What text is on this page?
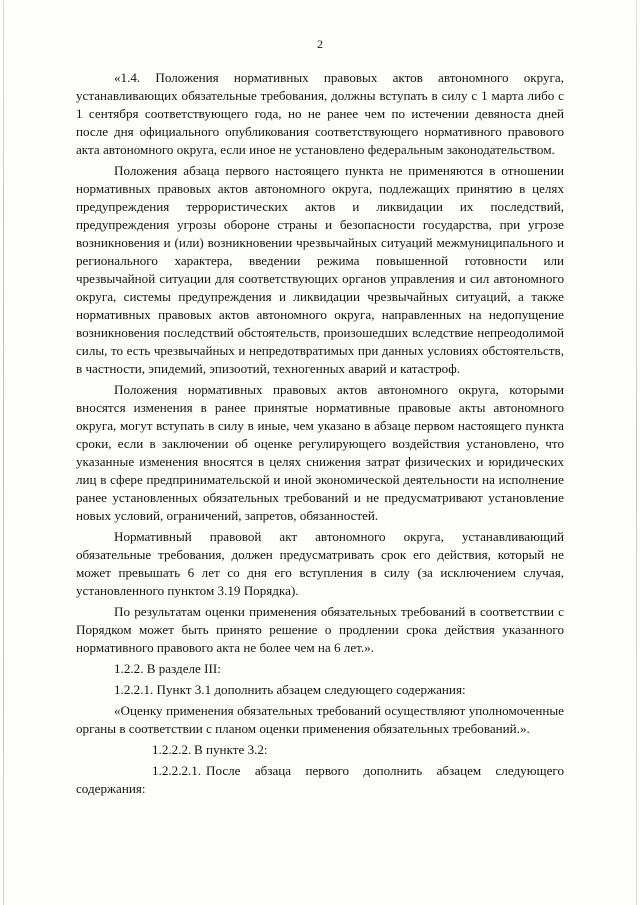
2

«1.4. Положения нормативных правовых актов автономного округа, устанавливающих обязательные требования, должны вступать в силу с 1 марта либо с 1 сентября соответствующего года, но не ранее чем по истечении девяноста дней после дня официального опубликования соответствующего нормативного правового акта автономного округа, если иное не установлено федеральным законодательством.

Положения абзаца первого настоящего пункта не применяются в отношении нормативных правовых актов автономного округа, подлежащих принятию в целях предупреждения террористических актов и ликвидации их последствий, предупреждения угрозы обороне страны и безопасности государства, при угрозе возникновения и (или) возникновении чрезвычайных ситуаций межмуниципального и регионального характера, введении режима повышенной готовности или чрезвычайной ситуации для соответствующих органов управления и сил автономного округа, системы предупреждения и ликвидации чрезвычайных ситуаций, а также нормативных правовых актов автономного округа, направленных на недопущение возникновения последствий обстоятельств, произошедших вследствие непреодолимой силы, то есть чрезвычайных и непредотвратимых при данных условиях обстоятельств, в частности, эпидемий, эпизоотий, техногенных аварий и катастроф.

Положения нормативных правовых актов автономного округа, которыми вносятся изменения в ранее принятые нормативные правовые акты автономного округа, могут вступать в силу в иные, чем указано в абзаце первом настоящего пункта сроки, если в заключении об оценке регулирующего воздействия установлено, что указанные изменения вносятся в целях снижения затрат физических и юридических лиц в сфере предпринимательской и иной экономической деятельности на исполнение ранее установленных обязательных требований и не предусматривают установление новых условий, ограничений, запретов, обязанностей.

Нормативный правовой акт автономного округа, устанавливающий обязательные требования, должен предусматривать срок его действия, который не может превышать 6 лет со дня его вступления в силу (за исключением случая, установленного пунктом 3.19 Порядка).

По результатам оценки применения обязательных требований в соответствии с Порядком может быть принято решение о продлении срока действия указанного нормативного правового акта не более чем на 6 лет.».

1.2.2. В разделе III:

1.2.2.1. Пункт 3.1 дополнить абзацем следующего содержания:

«Оценку применения обязательных требований осуществляют уполномоченные органы в соответствии с планом оценки применения обязательных требований.».

1.2.2.2. В пункте 3.2:

1.2.2.2.1. После абзаца первого дополнить абзацем следующего содержания:
